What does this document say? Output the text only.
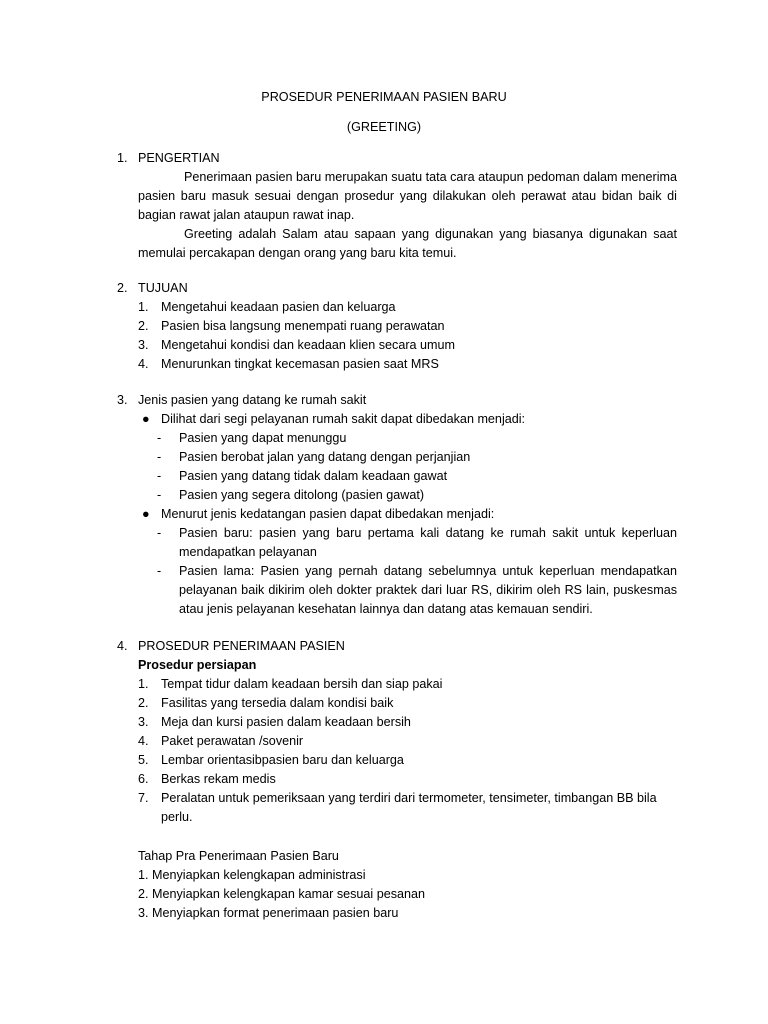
PROSEDUR PENERIMAAN PASIEN BARU
(GREETING)
1. PENGERTIAN
Penerimaan pasien baru merupakan suatu tata cara ataupun pedoman dalam menerima pasien baru masuk sesuai dengan prosedur yang dilakukan oleh perawat atau bidan baik di bagian rawat jalan ataupun rawat inap.
Greeting adalah Salam atau sapaan yang digunakan yang biasanya digunakan saat memulai percakapan dengan orang yang baru kita temui.
2. TUJUAN
1. Mengetahui keadaan pasien dan keluarga
2. Pasien bisa langsung menempati ruang perawatan
3. Mengetahui kondisi dan keadaan klien secara umum
4. Menurunkan tingkat kecemasan pasien saat MRS
3. Jenis pasien yang datang ke rumah sakit
● Dilihat dari segi pelayanan rumah sakit dapat dibedakan menjadi:
- Pasien yang dapat menunggu
- Pasien berobat jalan yang datang dengan perjanjian
- Pasien yang datang tidak dalam keadaan gawat
- Pasien yang segera ditolong (pasien gawat)
● Menurut jenis kedatangan pasien dapat dibedakan menjadi:
- Pasien baru: pasien yang baru pertama kali datang ke rumah sakit untuk keperluan mendapatkan pelayanan
- Pasien lama: Pasien yang pernah datang sebelumnya untuk keperluan mendapatkan pelayanan baik dikirim oleh dokter praktek dari luar RS, dikirim oleh RS lain, puskesmas atau jenis pelayanan kesehatan lainnya dan datang atas kemauan sendiri.
4. PROSEDUR PENERIMAAN PASIEN
Prosedur persiapan
1. Tempat tidur dalam keadaan bersih dan siap pakai
2. Fasilitas yang tersedia dalam kondisi baik
3. Meja dan kursi pasien dalam keadaan bersih
4. Paket perawatan /sovenir
5. Lembar orientasibpasien baru dan keluarga
6. Berkas rekam medis
7. Peralatan untuk pemeriksaan yang terdiri dari termometer, tensimeter, timbangan BB bila perlu.
Tahap Pra Penerimaan Pasien Baru
1. Menyiapkan kelengkapan administrasi
2. Menyiapkan kelengkapan kamar sesuai pesanan
3. Menyiapkan format penerimaan pasien baru
